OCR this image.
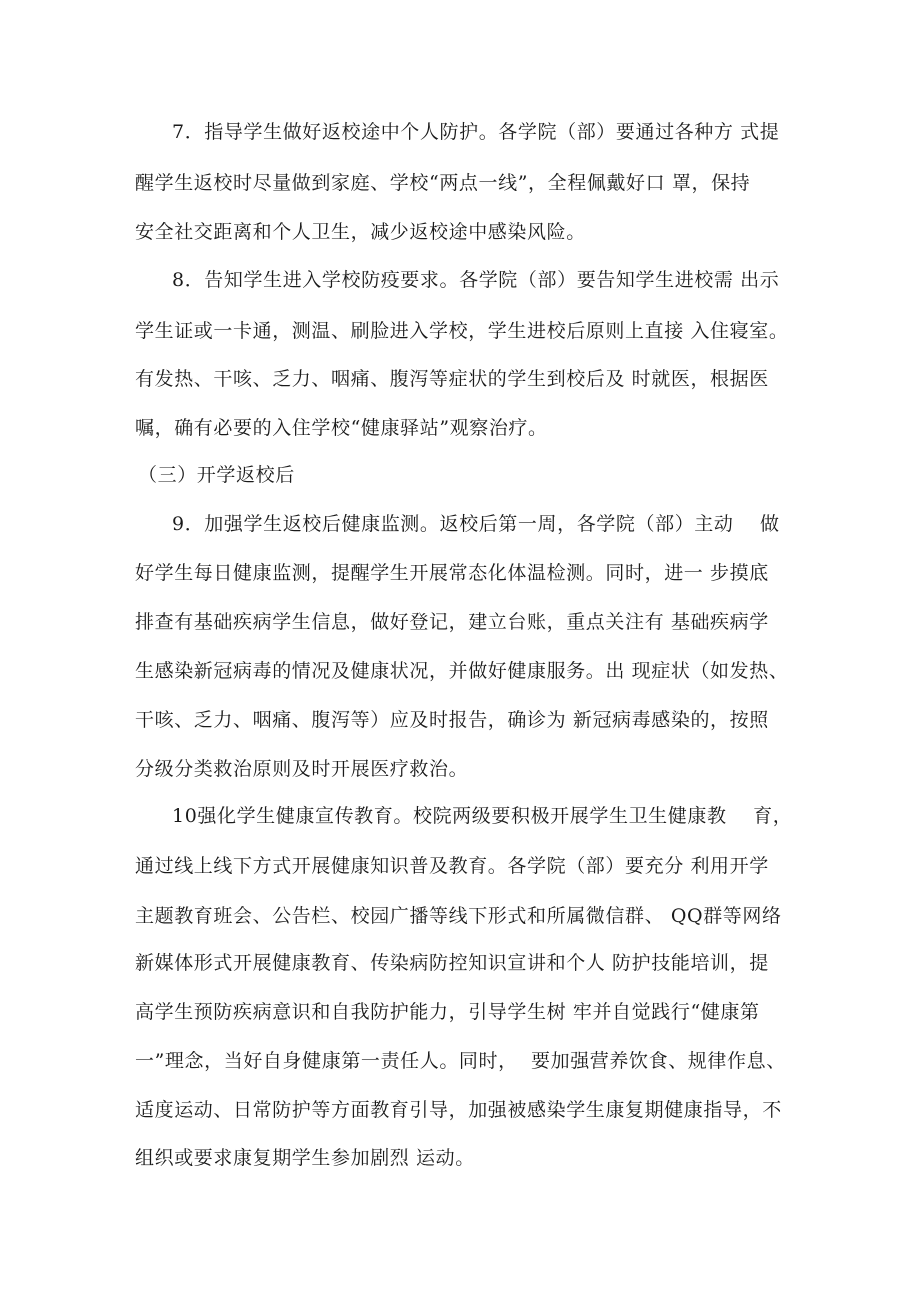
7．指导学生做好返校途中个人防护。各学院（部）要通过各种方 式提
醒学生返校时尽量做到家庭、学校“两点一线”，全程佩戴好口 罩，保持
安全社交距离和个人卫生，减少返校途中感染风险。
8．告知学生进入学校防疫要求。各学院（部）要告知学生进校需 出示
学生证或一卡通，测温、刷脸进入学校，学生进校后原则上直接 入住寝室。
有发热、干咳、乏力、咽痛、腹泻等症状的学生到校后及 时就医，根据医
嘱，确有必要的入住学校“健康驿站”观察治疗。
（三）开学返校后
9．加强学生返校后健康监测。返校后第一周，各学院（部）主动    做
好学生每日健康监测，提醒学生开展常态化体温检测。同时，进一 步摸底
排查有基础疾病学生信息，做好登记，建立台账，重点关注有 基础疾病学
生感染新冠病毒的情况及健康状况，并做好健康服务。出 现症状（如发热、
干咳、乏力、咽痛、腹泻等）应及时报告，确诊为 新冠病毒感染的，按照
分级分类救治原则及时开展医疗救治。
10强化学生健康宣传教育。校院两级要积极开展学生卫生健康教    育，
通过线上线下方式开展健康知识普及教育。各学院（部）要充分 利用开学
主题教育班会、公告栏、校园广播等线下形式和所属微信群、 QQ群等网络
新媒体形式开展健康教育、传染病防控知识宣讲和个人 防护技能培训，提
高学生预防疾病意识和自我防护能力，引导学生树 牢并自觉践行“健康第
一”理念，当好自身健康第一责任人。同时，  要加强营养饮食、规律作息、
适度运动、日常防护等方面教育引导，加强被感染学生康复期健康指导，不
组织或要求康复期学生参加剧烈 运动。
